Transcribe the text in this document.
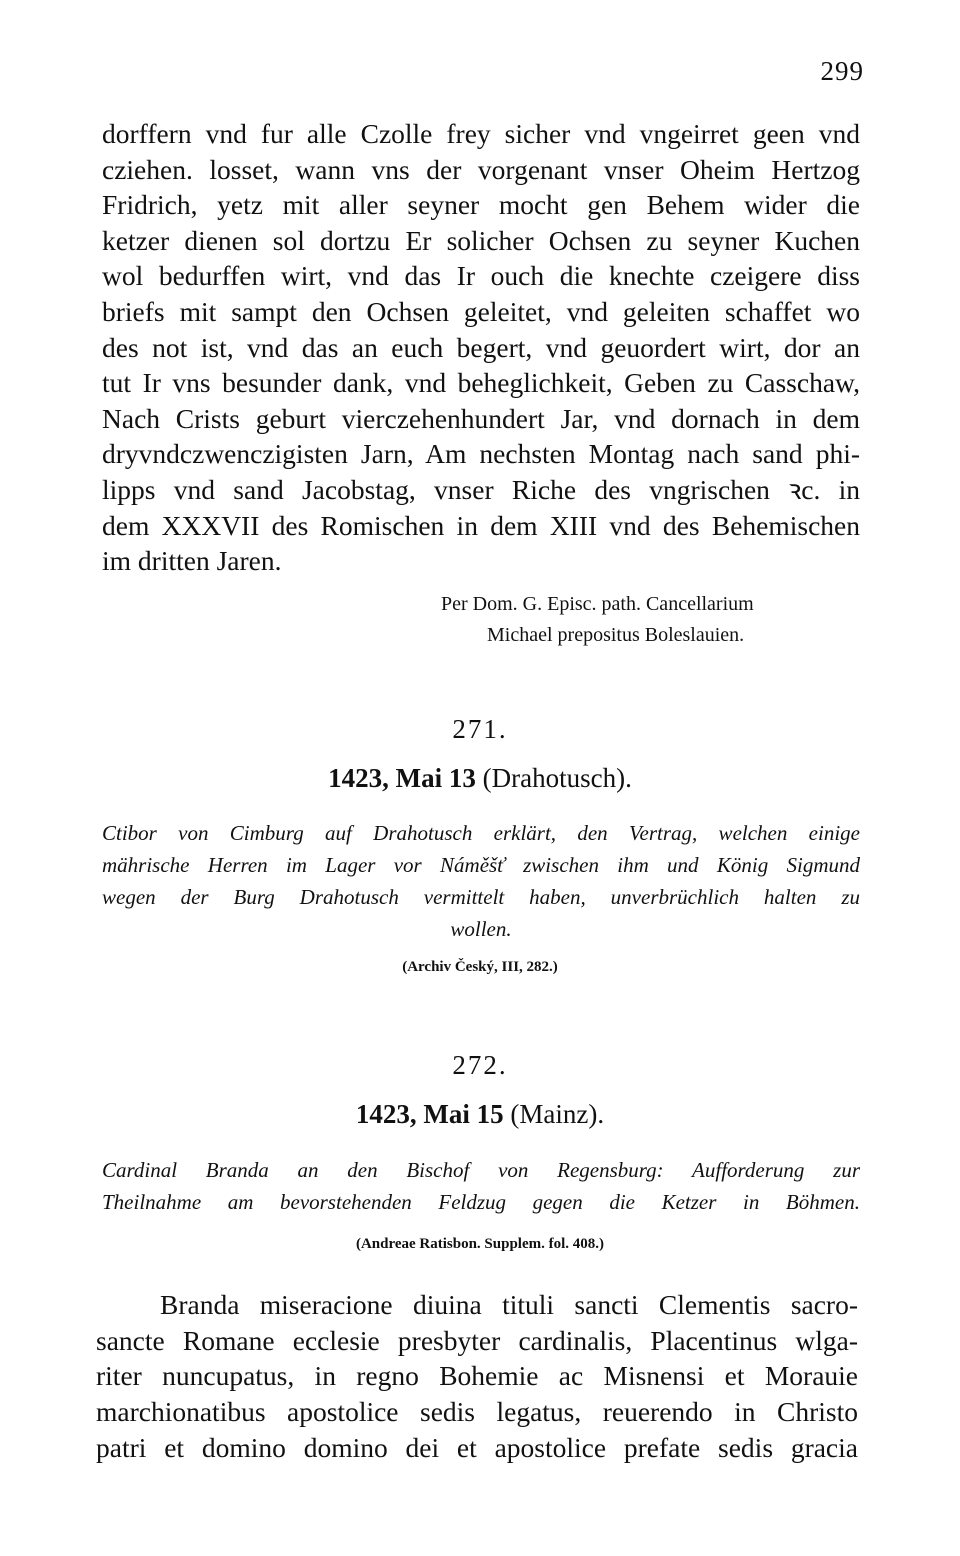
299
dorffern vnd fur alle Czolle frey sicher vnd vngeirret geen vnd
cziehen. losset, wann vns der vorgenant vnser Oheim Hertzog
Fridrich, yetz mit aller seyner mocht gen Behem wider die
ketzer dienen sol dortzu Er solicher Ochsen zu seyner Kuchen
wol bedurffen wirt, vnd das Ir ouch die knechte czeigere diss
briefs mit sampt den Ochsen geleitet, vnd geleiten schaffet wo
des not ist, vnd das an euch begert, vnd geuordert wirt, dor an
tut Ir vns besunder dank, vnd beheglichkeit, Geben zu Casschaw,
Nach Crists geburt vierczehenhundert Jar, vnd dornach in dem
dryvndczwenczigisten Jarn, Am nechsten Montag nach sand phi-
lipps vnd sand Jacobstag, vnser Riche des vngrischen ꝛc. in
dem XXXVII des Romischen in dem XIII vnd des Behemischen
im dritten Jaren.
Per Dom. G. Episc. path. Cancellarium
Michael prepositus Boleslauien.
271.
1423, Mai 13 (Drahotusch).
Ctibor von Cimburg auf Drahotusch erklärt, den Vertrag, welchen einige
mährische Herren im Lager vor Náměšť zwischen ihm und König Sigmund
wegen der Burg Drahotusch vermittelt haben, unverbrüchlich halten zu
wollen.
(Archiv Český, III, 282.)
272.
1423, Mai 15 (Mainz).
Cardinal Branda an den Bischof von Regensburg: Aufforderung zur
Theilnahme am bevorstehenden Feldzug gegen die Ketzer in Böhmen.
(Andreae Ratisbon. Supplem. fol. 408.)
Branda miseracione diuina tituli sancti Clementis sacro-
sancte Romane ecclesie presbyter cardinalis, Placentinus wlga-
riter nuncupatus, in regno Bohemie ac Misnensi et Morauie
marchionatibus apostolice sedis legatus, reuerendo in Christo
patri et domino domino dei et apostolice prefate sedis gracia
